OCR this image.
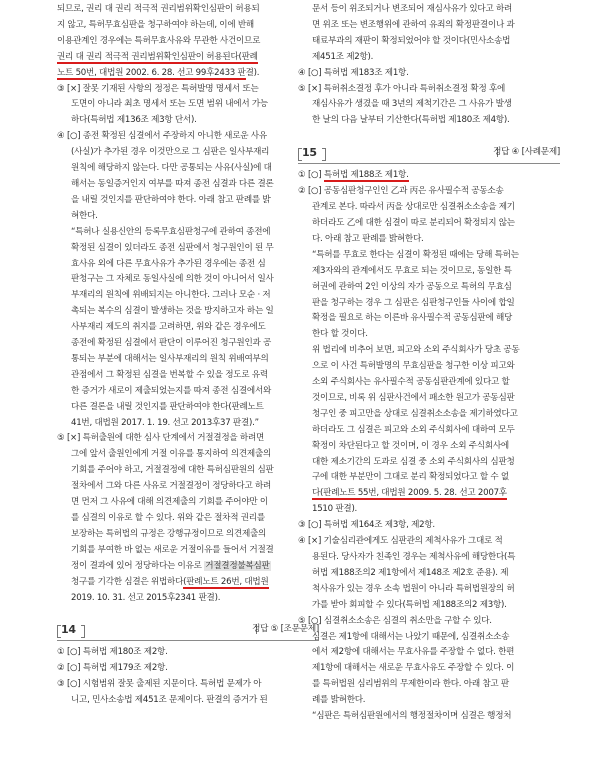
되므로, 권리 대 권리 적극적 권리범위확인심판이 허용되

지 않고, 특허무효심판을 청구하여야 하는데, 이에 반해

이용관계인 경우에는 특허무효사유와 무관한 사건이므로

권리 대 권리 적극적 권리범위확인심판이 허용된다(판례

노트 50번, 대법원 2002. 6. 28. 선고 99후2433 판결).

③ [×] 잘못 기재된 사항의 정정은 특허발명 명세서 또는

도면이 아니라 최초 명세서 또는 도면 범위 내에서 가능

하다(특허법 제136조 제3항 단서).

④ [○] 종전 확정된 심결에서 주장하지 아니한 새로운 사유

(사실)가 추가된 경우 이것만으로 그 심판은 일사부재리

원칙에 해당하지 않는다. 다만 공통되는 사유(사실)에 대

해서는 동일증거인지 여부를 따져 종전 심결과 다른 결론

을 내릴 것인지를 판단하여야 한다. 아래 참고 판례를 밝

혀한다.

“특허나 실용신안의 등록무효심판청구에 관하여 종전에

확정된 심결이 있더라도 종전 심판에서 청구원인이 된 무

효사유 외에 다른 무효사유가 추가된 경우에는 종전 심

판청구는 그 자체로 동일사실에 의한 것이 아니어서 일사

부재리의 원칙에 위배되지는 아니한다. 그러나 모순 · 저

촉되는 복수의 심결이 발생하는 것을 방지하고자 하는 일

사부재리 제도의 취지를 고려하면, 위와 같은 경우에도

종전에 확정된 심결에서 판단이 이루어진 청구원인과 공

통되는 부분에 대해서는 일사부재리의 원칙 위배여부의

관점에서 그 확정된 심결을 번복할 수 있을 정도로 유력

한 증거가 새로이 제출되었는지를 따져 종전 심결에서와

다른 결론을 내릴 것인지를 판단하여야 한다(판례노트

41번, 대법원 2017. 1. 19. 선고 2013후37 판결).”

⑤ [×] 특허출원에 대한 심사 단계에서 거절결정을 하려면

그에 앞서 출원인에게 거절 이유를 통지하여 의견제출의

기회를 주어야 하고, 거절결정에 대한 특허심판원의 심판

절차에서 그와 다른 사유로 거절결정이 정당하다고 하려

면 먼저 그 사유에 대해 의견제출의 기회를 주어야만 이

를 심결의 이유로 할 수 있다. 위와 같은 절차적 권리를

보장하는 특허법의 규정은 강행규정이므로 의견제출의

기회를 부여한 바 없는 새로운 거절이유를 들어서 거절결

정이 결과에 있어 정당하다는 이유로 거절결정불복심판

청구를 기각한 심결은 위법하다(판례노트 26번, 대법원

2019. 10. 31. 선고 2015후2341 판결).

14	정답 ⑤ [조문문제]

① [○] 특허법 제180조 제2항.

② [○] 특허법 제179조 제2항.

③ [○] 시험범위 잘못 출제된 지문이다. 특허법 문제가 아

니고, 민사소송법 제451조 문제이다. 판결의 증거가 된

문서 등이 위조되거나 변조되어 재심사유가 있다고 하려

면 위조 또는 변조행위에 관하여 유죄의 확정판결이나 과

태료부과의 재판이 확정되었어야 할 것이다(민사소송법

제451조 제2항).

④ [○] 특허법 제183조 제1항.

⑤ [×] 특허취소결정 후가 아니라 특허취소결정 확정 후에

재심사유가 생겼을 때 3년의 제척기간은 그 사유가 발생

한 날의 다음 날부터 기산한다(특허법 제180조 제4항).

15	정답 ④ [사례문제]

① [○] 특허법 제188조 제1항.

② [○] 공동심판청구인인 乙과 丙은 유사필수적 공동소송

관계로 본다. 따라서 丙을 상대로만 심결취소소송을 제기

하더라도 乙에 대한 심결이 따로 분리되어 확정되지 않는

다. 아래 참고 판례를 밝혀한다.

“특허를 무효로 한다는 심결이 확정된 때에는 당해 특허는

제3자와의 관계에서도 무효로 되는 것이므로, 동일한 특

허권에 관하여 2인 이상의 자가 공동으로 특허의 무효심

판을 청구하는 경우 그 심판은 심판청구인들 사이에 합일

확정을 필요로 하는 이른바 유사필수적 공동심판에 해당

한다 할 것이다.

위 법리에 비추어 보면, 피고와 소외 주식회사가 당초 공동

으로 이 사건 특허발명의 무효심판을 청구한 이상 피고와

소외 주식회사는 유사필수적 공동심판관계에 있다고 할

것이므로, 비록 위 심판사건에서 패소한 원고가 공동심판

청구인 중 피고만을 상대로 심결취소소송을 제기하였다고

하더라도 그 심결은 피고와 소외 주식회사에 대하여 모두

확정이 차단된다고 할 것이며, 이 경우 소외 주식회사에

대한 제소기간의 도과로 심결 중 소외 주식회사의 심판청

구에 대한 부분만이 그대로 분리 확정되었다고 할 수 없

다(판례노트 55번, 대법원 2009. 5. 28. 선고 2007후

1510 판결).

③ [○] 특허법 제164조 제3항, 제2항.

④ [×] 기술심리관에게도 심판관의 제척사유가 그대로 적

용된다. 당사자가 친족인 경우는 제척사유에 해당한다(특

허법 제188조의2 제1항에서 제148조 제2호 준용). 제

척사유가 있는 경우 소속 법원이 아니라 특허법원장의 허

가를 받아 회피할 수 있다(특허법 제188조의2 제3항).

⑤ [○] 심결취소소송은 심결의 취소만을 구할 수 있다.

심결은 제1항에 대해서는 나았기 때문에, 심결취소소송

에서 제2항에 대해서는 무효사유를 주장할 수 없다. 한편

제1항에 대해서는 새로운 무효사유도 주장할 수 있다. 이

를 특허법원 심리범위의 무제한이라 한다. 아래 참고 판

례를 밝혀한다.

“심판은 특허심판원에서의 행정절차이며 심결은 행정처
